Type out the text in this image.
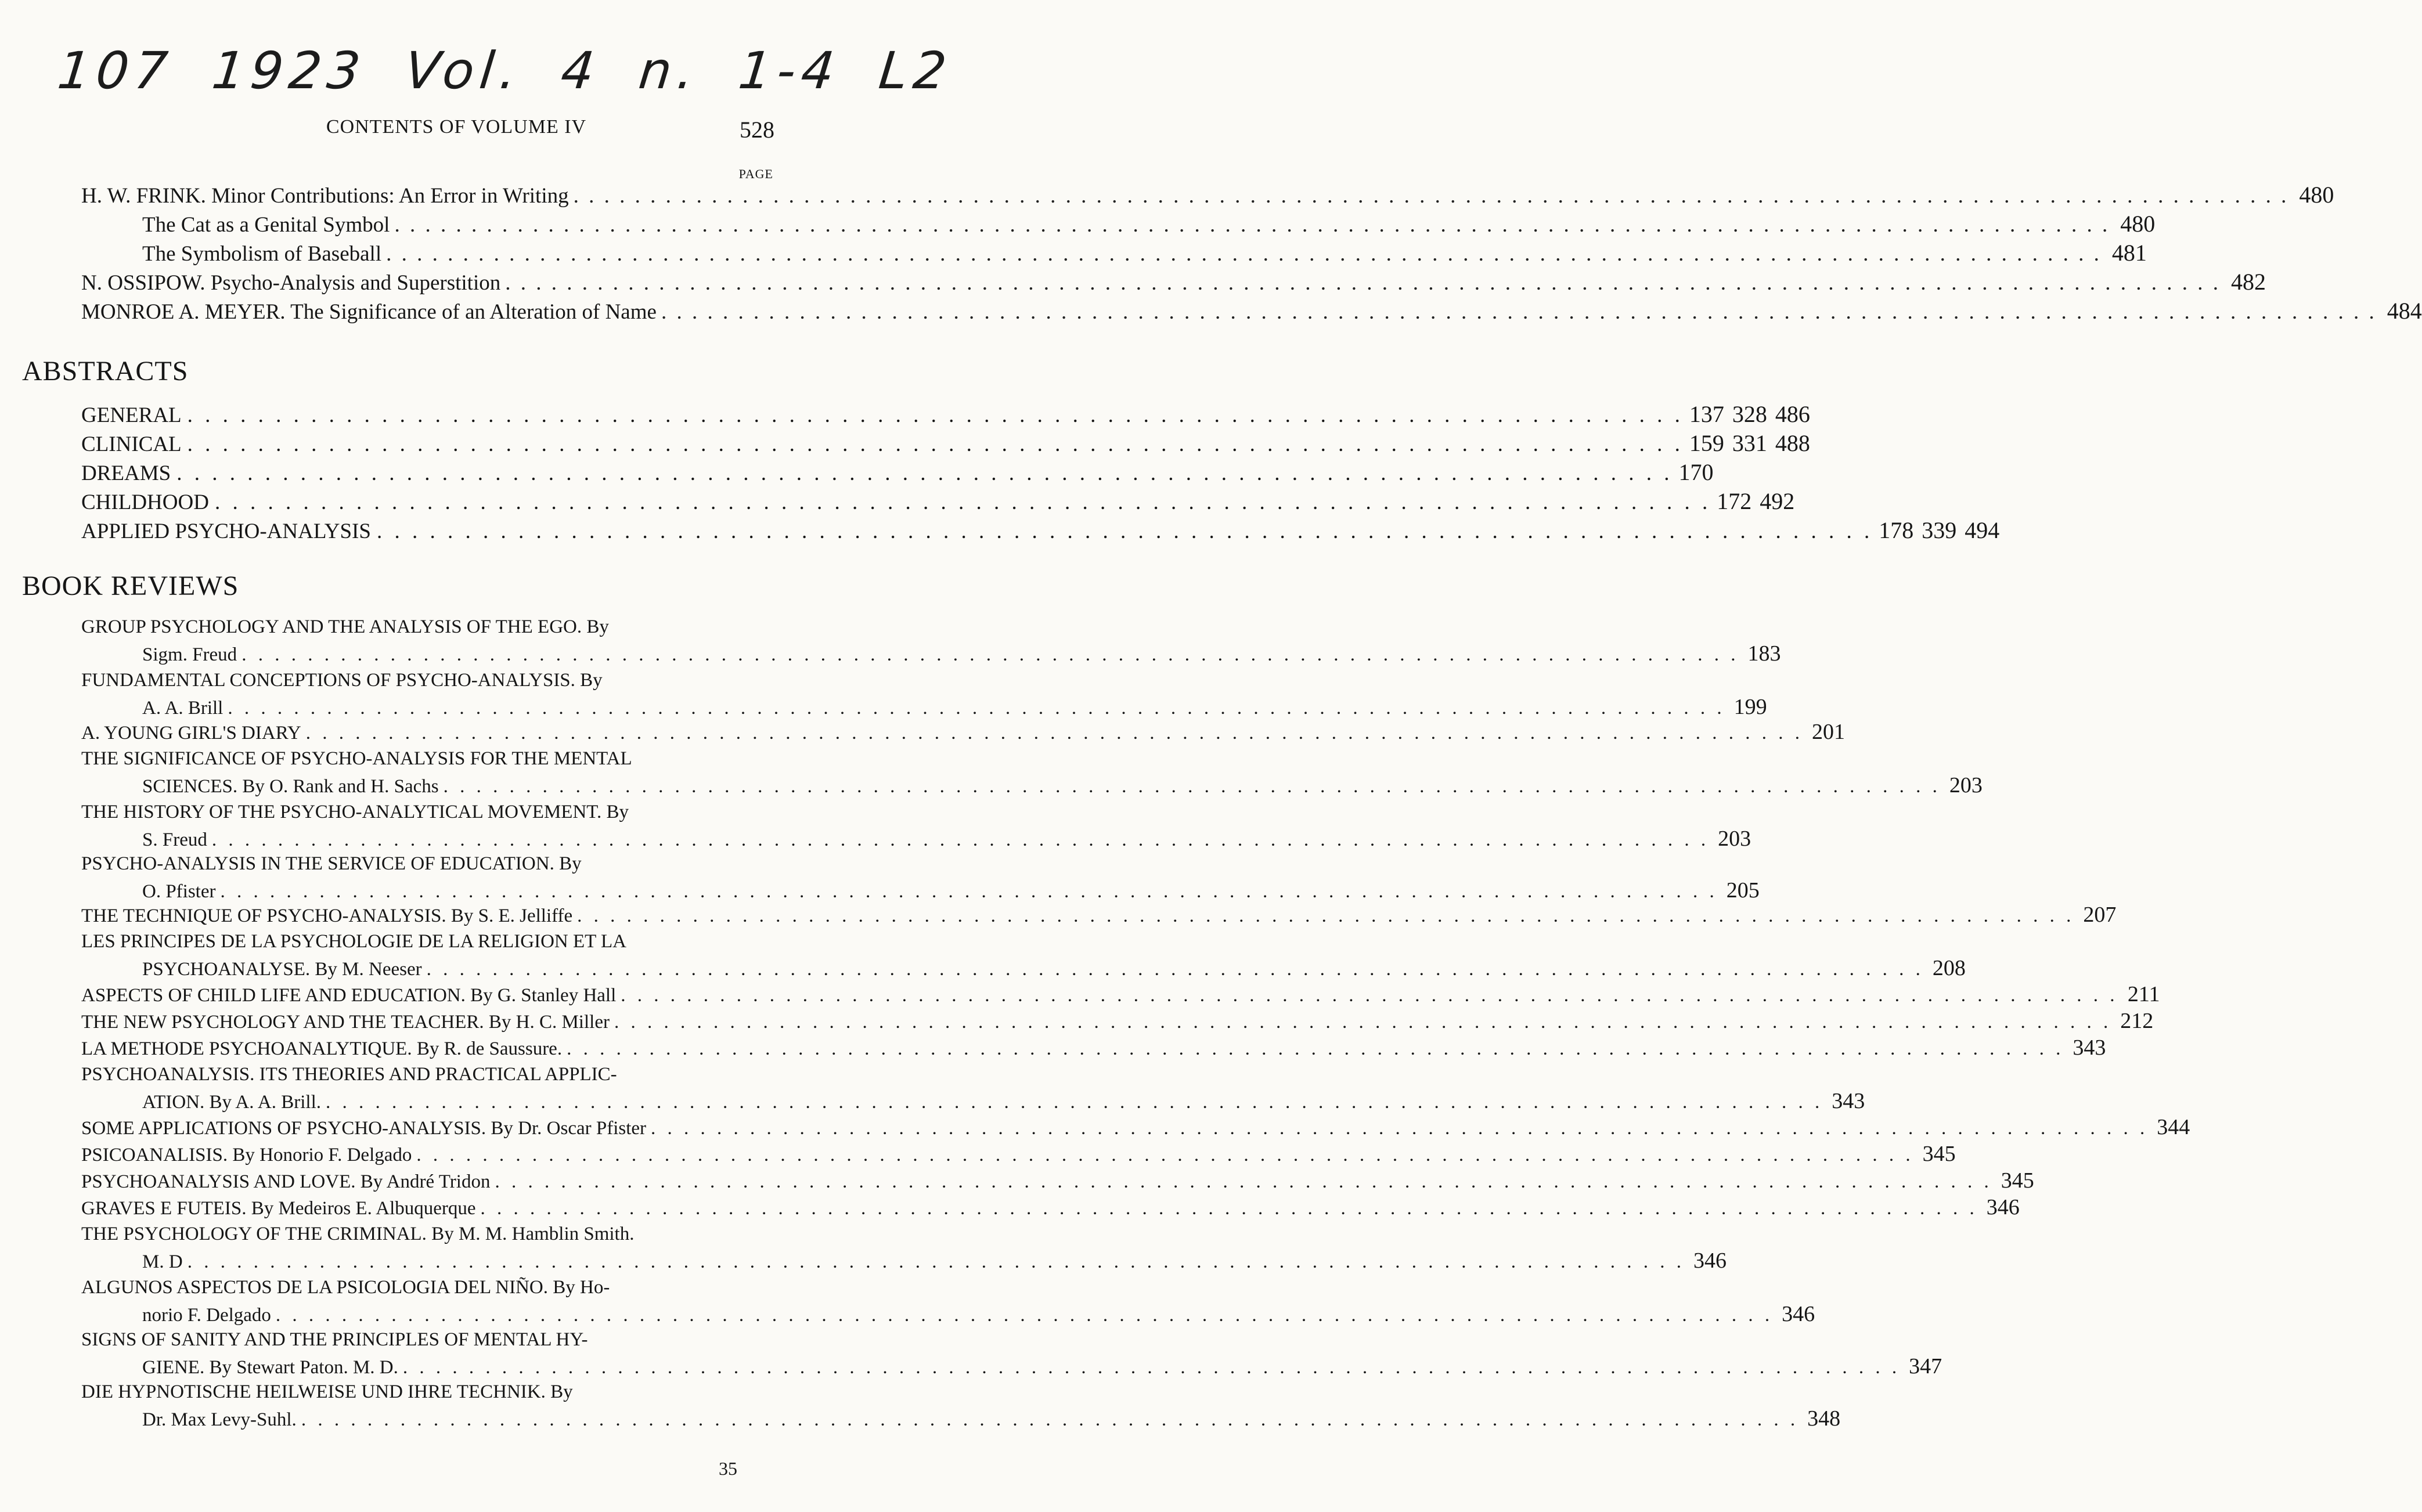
107 1923 Vol. 4 n. 1-4 L2
CONTENTS OF VOLUME IV	528
PAGE
H. W. FRINK. Minor Contributions: An Error in Writing . . .	480
The Cat as a Genital Symbol . . .	480
The Symbolism of Baseball . . .	481
N. OSSIPOW. Psycho-Analysis and Superstition . . .	482
MONROE A. MEYER. The Significance of an Alteration of Name . . .	484
ABSTRACTS
GENERAL . . .	137 328 486
CLINICAL . . .	159 331 488
DREAMS . . .	170
CHILDHOOD . . .	172 492
APPLIED PSYCHO-ANALYSIS . . .	178 339 494
BOOK REVIEWS
GROUP PSYCHOLOGY AND THE ANALYSIS OF THE EGO. By
Sigm. Freud . . .	183
FUNDAMENTAL CONCEPTIONS OF PSYCHO-ANALYSIS. By
A. A. Brill . . .	199
A. YOUNG GIRL'S DIARY . . .	201
THE SIGNIFICANCE OF PSYCHO-ANALYSIS FOR THE MENTAL
SCIENCES. By O. Rank and H. Sachs . . .	203
THE HISTORY OF THE PSYCHO-ANALYTICAL MOVEMENT. By
S. Freud . . .	203
PSYCHO-ANALYSIS IN THE SERVICE OF EDUCATION. By
O. Pfister . . .	205
THE TECHNIQUE OF PSYCHO-ANALYSIS. By S. E. Jelliffe . . .	207
LES PRINCIPES DE LA PSYCHOLOGIE DE LA RELIGION ET LA
PSYCHOANALYSE. By M. Neeser . . .	208
ASPECTS OF CHILD LIFE AND EDUCATION. By G. Stanley Hall . . .	211
THE NEW PSYCHOLOGY AND THE TEACHER. By H. C. Miller . . .	212
LA METHODE PSYCHOANALYTIQUE. By R. de Saussure. . . .	343
PSYCHOANALYSIS. ITS THEORIES AND PRACTICAL APPLIC-
ATION. By A. A. Brill. . . .	343
SOME APPLICATIONS OF PSYCHO-ANALYSIS. By Dr. Oscar Pfister . . .	344
PSICOANALISIS. By Honorio F. Delgado . . .	345
PSYCHOANALYSIS AND LOVE. By André Tridon . . .	345
GRAVES E FUTEIS. By Medeiros E. Albuquerque . . .	346
THE PSYCHOLOGY OF THE CRIMINAL. By M. M. Hamblin Smith.
M. D . . .	346
ALGUNOS ASPECTOS DE LA PSICOLOGIA DEL NIÑO. By Ho-
norio F. Delgado . . .	346
SIGNS OF SANITY AND THE PRINCIPLES OF MENTAL HY-
GIENE. By Stewart Paton. M. D. . . .	347
DIE HYPNOTISCHE HEILWEISE UND IHRE TECHNIK. By
Dr. Max Levy-Suhl. . . .	348
35
